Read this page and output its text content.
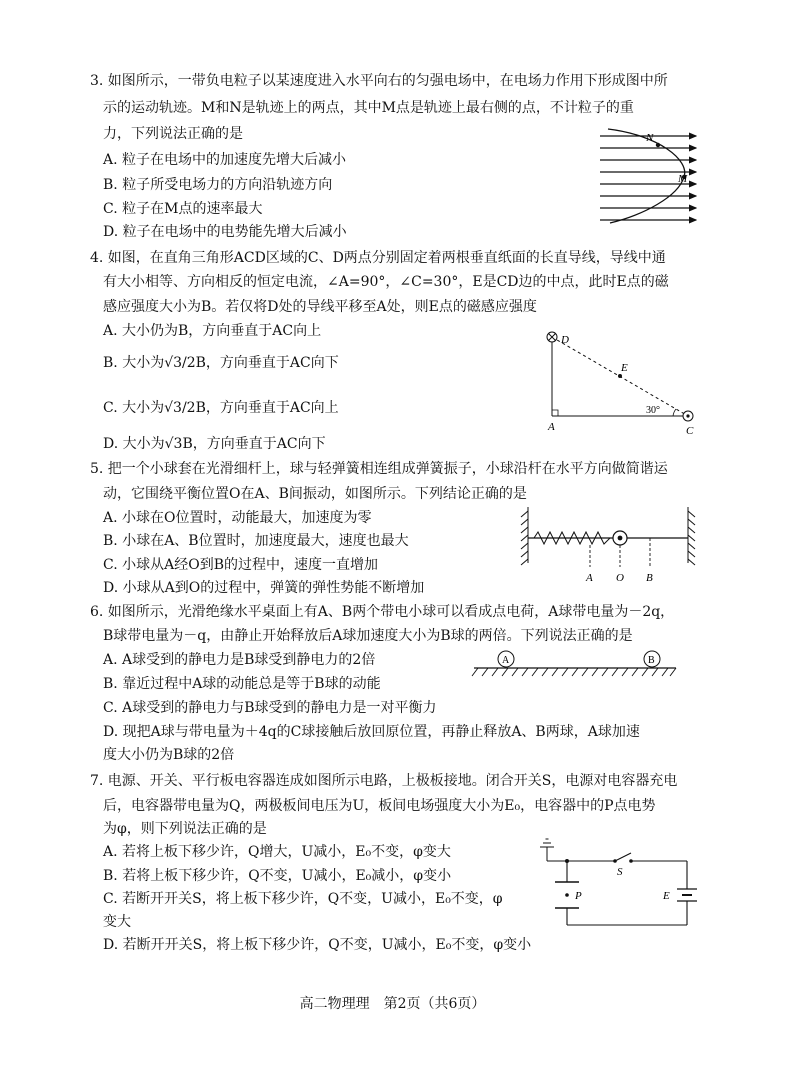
3. 如图所示，一带负电粒子以某速度进入水平向右的匀强电场中，在电场力作用下形成图中所
示的运动轨迹。M和N是轨迹上的两点，其中M点是轨迹上最右侧的点，不计粒子的重
力，下列说法正确的是
A. 粒子在电场中的加速度先增大后减小
B. 粒子所受电场力的方向沿轨迹方向
C. 粒子在M点的速率最大
D. 粒子在电场中的电势能先增大后减小
N
M
4. 如图，在直角三角形ACD区域的C、D两点分别固定着两根垂直纸面的长直导线，导线中通
有大小相等、方向相反的恒定电流，∠A=90°，∠C=30°，E是CD边的中点，此时E点的磁
感应强度大小为B。若仅将D处的导线平移至A处，则E点的磁感应强度
A. 大小仍为B，方向垂直于AC向上
B. 大小为√3/2B，方向垂直于AC向下
C. 大小为√3/2B，方向垂直于AC向上
D. 大小为√3B，方向垂直于AC向下
D
E
A	C
30°
5. 把一个小球套在光滑细杆上，球与轻弹簧相连组成弹簧振子，小球沿杆在水平方向做简谐运
动，它围绕平衡位置O在A、B间振动，如图所示。下列结论正确的是
A. 小球在O位置时，动能最大，加速度为零
B. 小球在A、B位置时，加速度最大，速度也最大
C. 小球从A经O到B的过程中，速度一直增加
D. 小球从A到O的过程中，弹簧的弹性势能不断增加
A O B
6. 如图所示，光滑绝缘水平桌面上有A、B两个带电小球可以看成点电荷，A球带电量为－2q，
B球带电量为－q，由静止开始释放后A球加速度大小为B球的两倍。下列说法正确的是
A. A球受到的静电力是B球受到静电力的2倍
B. 靠近过程中A球的动能总是等于B球的动能
C. A球受到的静电力与B球受到的静电力是一对平衡力
D. 现把A球与带电量为＋4q的C球接触后放回原位置，再静止释放A、B两球，A球加速
度大小仍为B球的2倍
A	B
7. 电源、开关、平行板电容器连成如图所示电路，上极板接地。闭合开关S，电源对电容器充电
后，电容器带电量为Q，两极板间电压为U，板间电场强度大小为E₀，电容器中的P点电势
为φ，则下列说法正确的是
A. 若将上板下移少许，Q增大，U减小，E₀不变，φ变大
B. 若将上板下移少许，Q不变，U减小，E₀减小，φ变小
C. 若断开开关S，将上板下移少许，Q不变，U减小，E₀不变，φ
变大
D. 若断开开关S，将上板下移少许，Q不变，U减小，E₀不变，φ变小
S
P	E
高二物理理　第2页（共6页）
